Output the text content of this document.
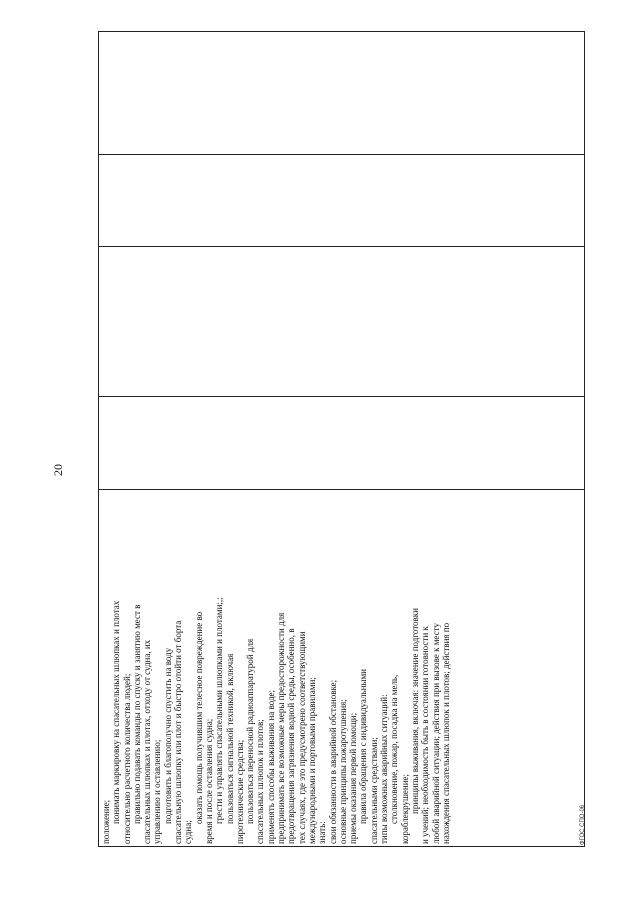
20
ФГОС СПО-06
положение; понимать маркировку на спасательных шлюпках и плотах относительно расчетного количества людей; правильно подавать команды по спуску и занятию мест в спасательных шлюпках и плотах, отходу от судна, их управлению и оставлению; подготовить и благополучно спустить на воду спасательную шлюпку или плот и быстро отойти от борта судна;
оказать помощь получившим телесное повреждение во время и после оставления судна; грести и управлять спасательными шлюпками и плотами;,; пользоваться сигнальной техникой, включая пиротехнические средства; пользоваться переносной радиоаппаратурой для спасательных шлюпок и плотов; применять способы выживания на воде; предпринимать все возможные меры предосторожности для предотвращения загрязнения водной среды, особенно, в тех случаях, где это предусмотрено соответствующими международными и портовыми правилами; знать: свои обязанности в аварийной обстановке; основные принципы пожаротушения; приемы оказания первой помощи; правила обращения с индивидуальными спасательными средствами; типы возможных аварийных ситуаций: столкновение, пожар, посадка на мель, кораблекрушение; принципы выживания, включая: значение подготовки и учений; необходимость быть в состоянии готовности к любой аварийной ситуации; действия при вызове к месту нахождения спасательных шлюпок и плотов; действия по
